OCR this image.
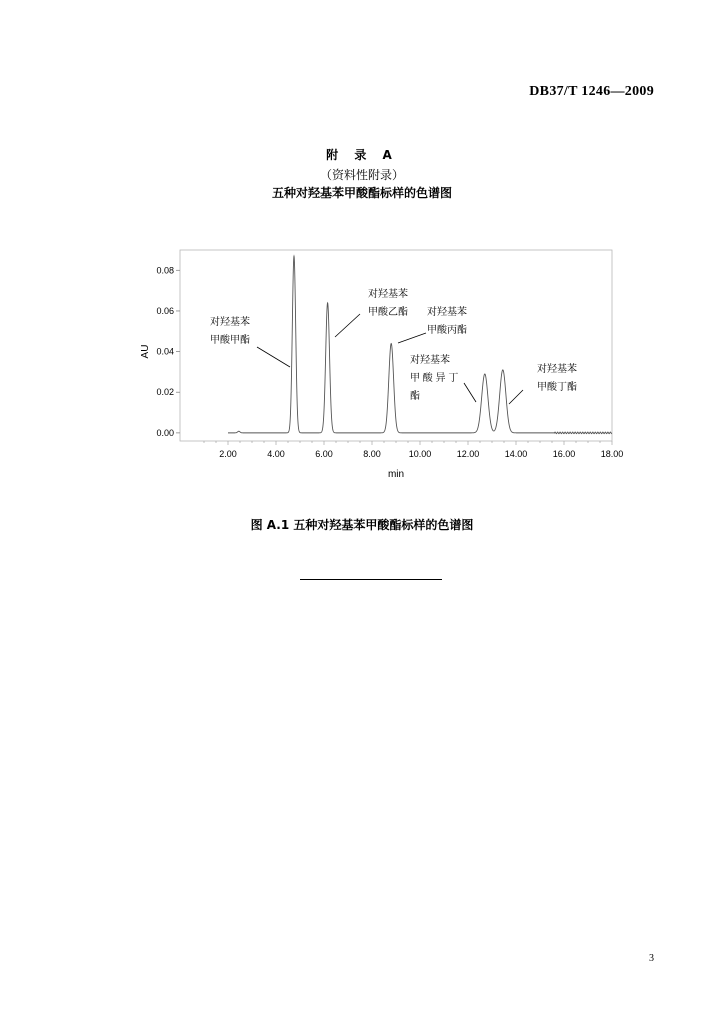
DB37/T 1246—2009
附 录 A
（资料性附录）
五种对羟基苯甲酸酯标样的色谱图
0.00
0.02
0.04
0.06
0.08
2.00	4.00	6.00	8.00	10.00	12.00	14.00	16.00	18.00
min
AU
对羟基苯甲酸甲酯
对羟基苯甲酸乙酯 对羟基苯甲酸丙酯
对羟基苯甲 酸 异 丁酯
对羟基苯甲酸丁酯
图 A.1 五种对羟基苯甲酸酯标样的色谱图
3
